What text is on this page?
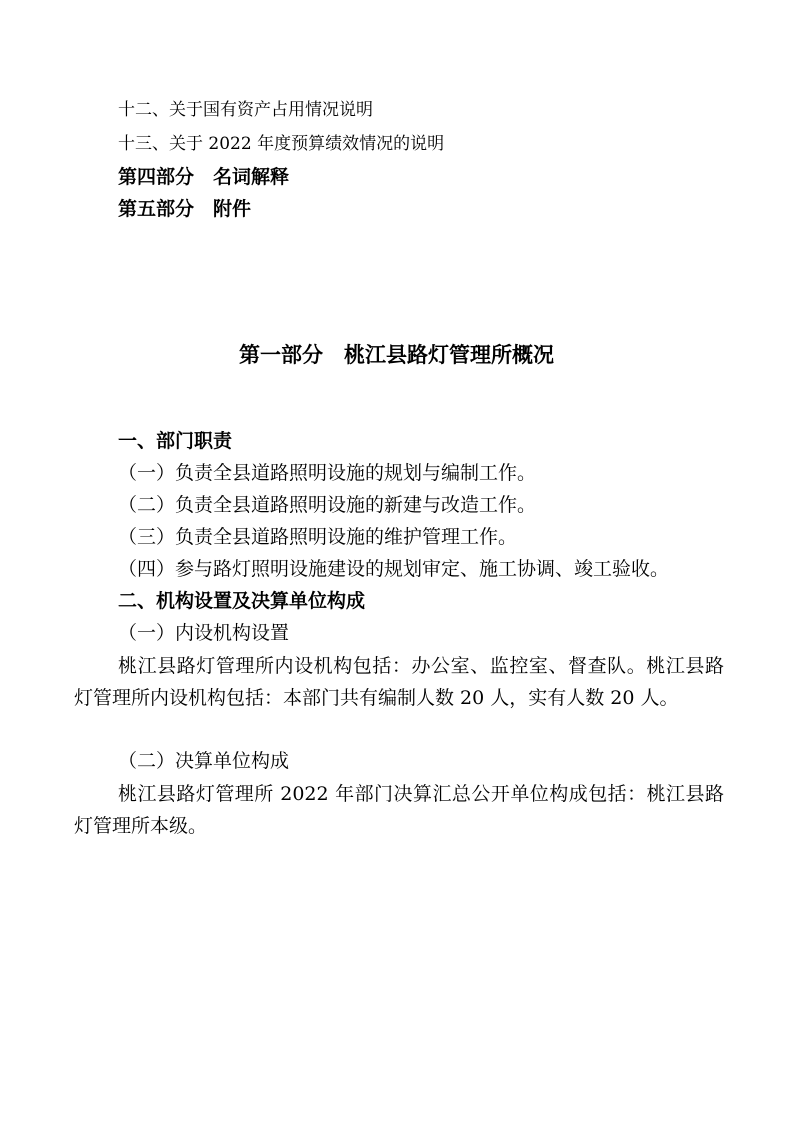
十二、关于国有资产占用情况说明
十三、关于 2022 年度预算绩效情况的说明
第四部分　名词解释
第五部分　附件
第一部分　桃江县路灯管理所概况
一、部门职责
（一）负责全县道路照明设施的规划与编制工作。
（二）负责全县道路照明设施的新建与改造工作。
（三）负责全县道路照明设施的维护管理工作。
（四）参与路灯照明设施建设的规划审定、施工协调、竣工验收。
二、机构设置及决算单位构成
（一）内设机构设置
桃江县路灯管理所内设机构包括：办公室、监控室、督查队。桃江县路灯管理所内设机构包括：本部门共有编制人数 20 人，实有人数 20 人。
（二）决算单位构成
桃江县路灯管理所 2022 年部门决算汇总公开单位构成包括：桃江县路灯管理所本级。
